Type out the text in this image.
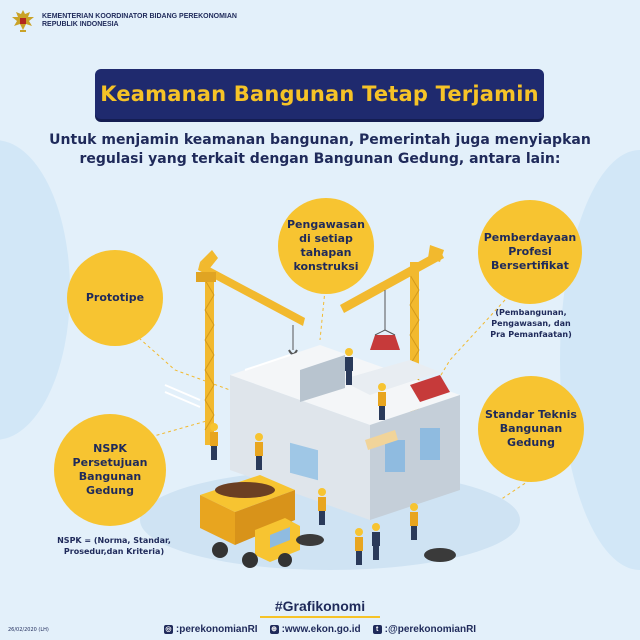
KEMENTERIAN KOORDINATOR BIDANG PEREKONOMIAN
REPUBLIK INDONESIA
Keamanan Bangunan Tetap Terjamin
Untuk menjamin keamanan bangunan, Pemerintah juga menyiapkan
regulasi yang terkait dengan Bangunan Gedung, antara lain:
Prototipe
Pengawasan
di setiap
tahapan
konstruksi
Pemberdayaan
Profesi
Bersertifikat
(Pembangunan,
Pengawasan, dan
Pra Pemanfaatan)
NSPK Persetujuan
Bangunan Gedung
NSPK = (Norma, Standar,
Prosedur,dan Kriteria)
Standar Teknis
Bangunan Gedung
#Grafikonomi
26/02/2020 (LH)	◎ :perekonomianRI ⊕ :www.ekon.go.id	t :@perekonomianRI
